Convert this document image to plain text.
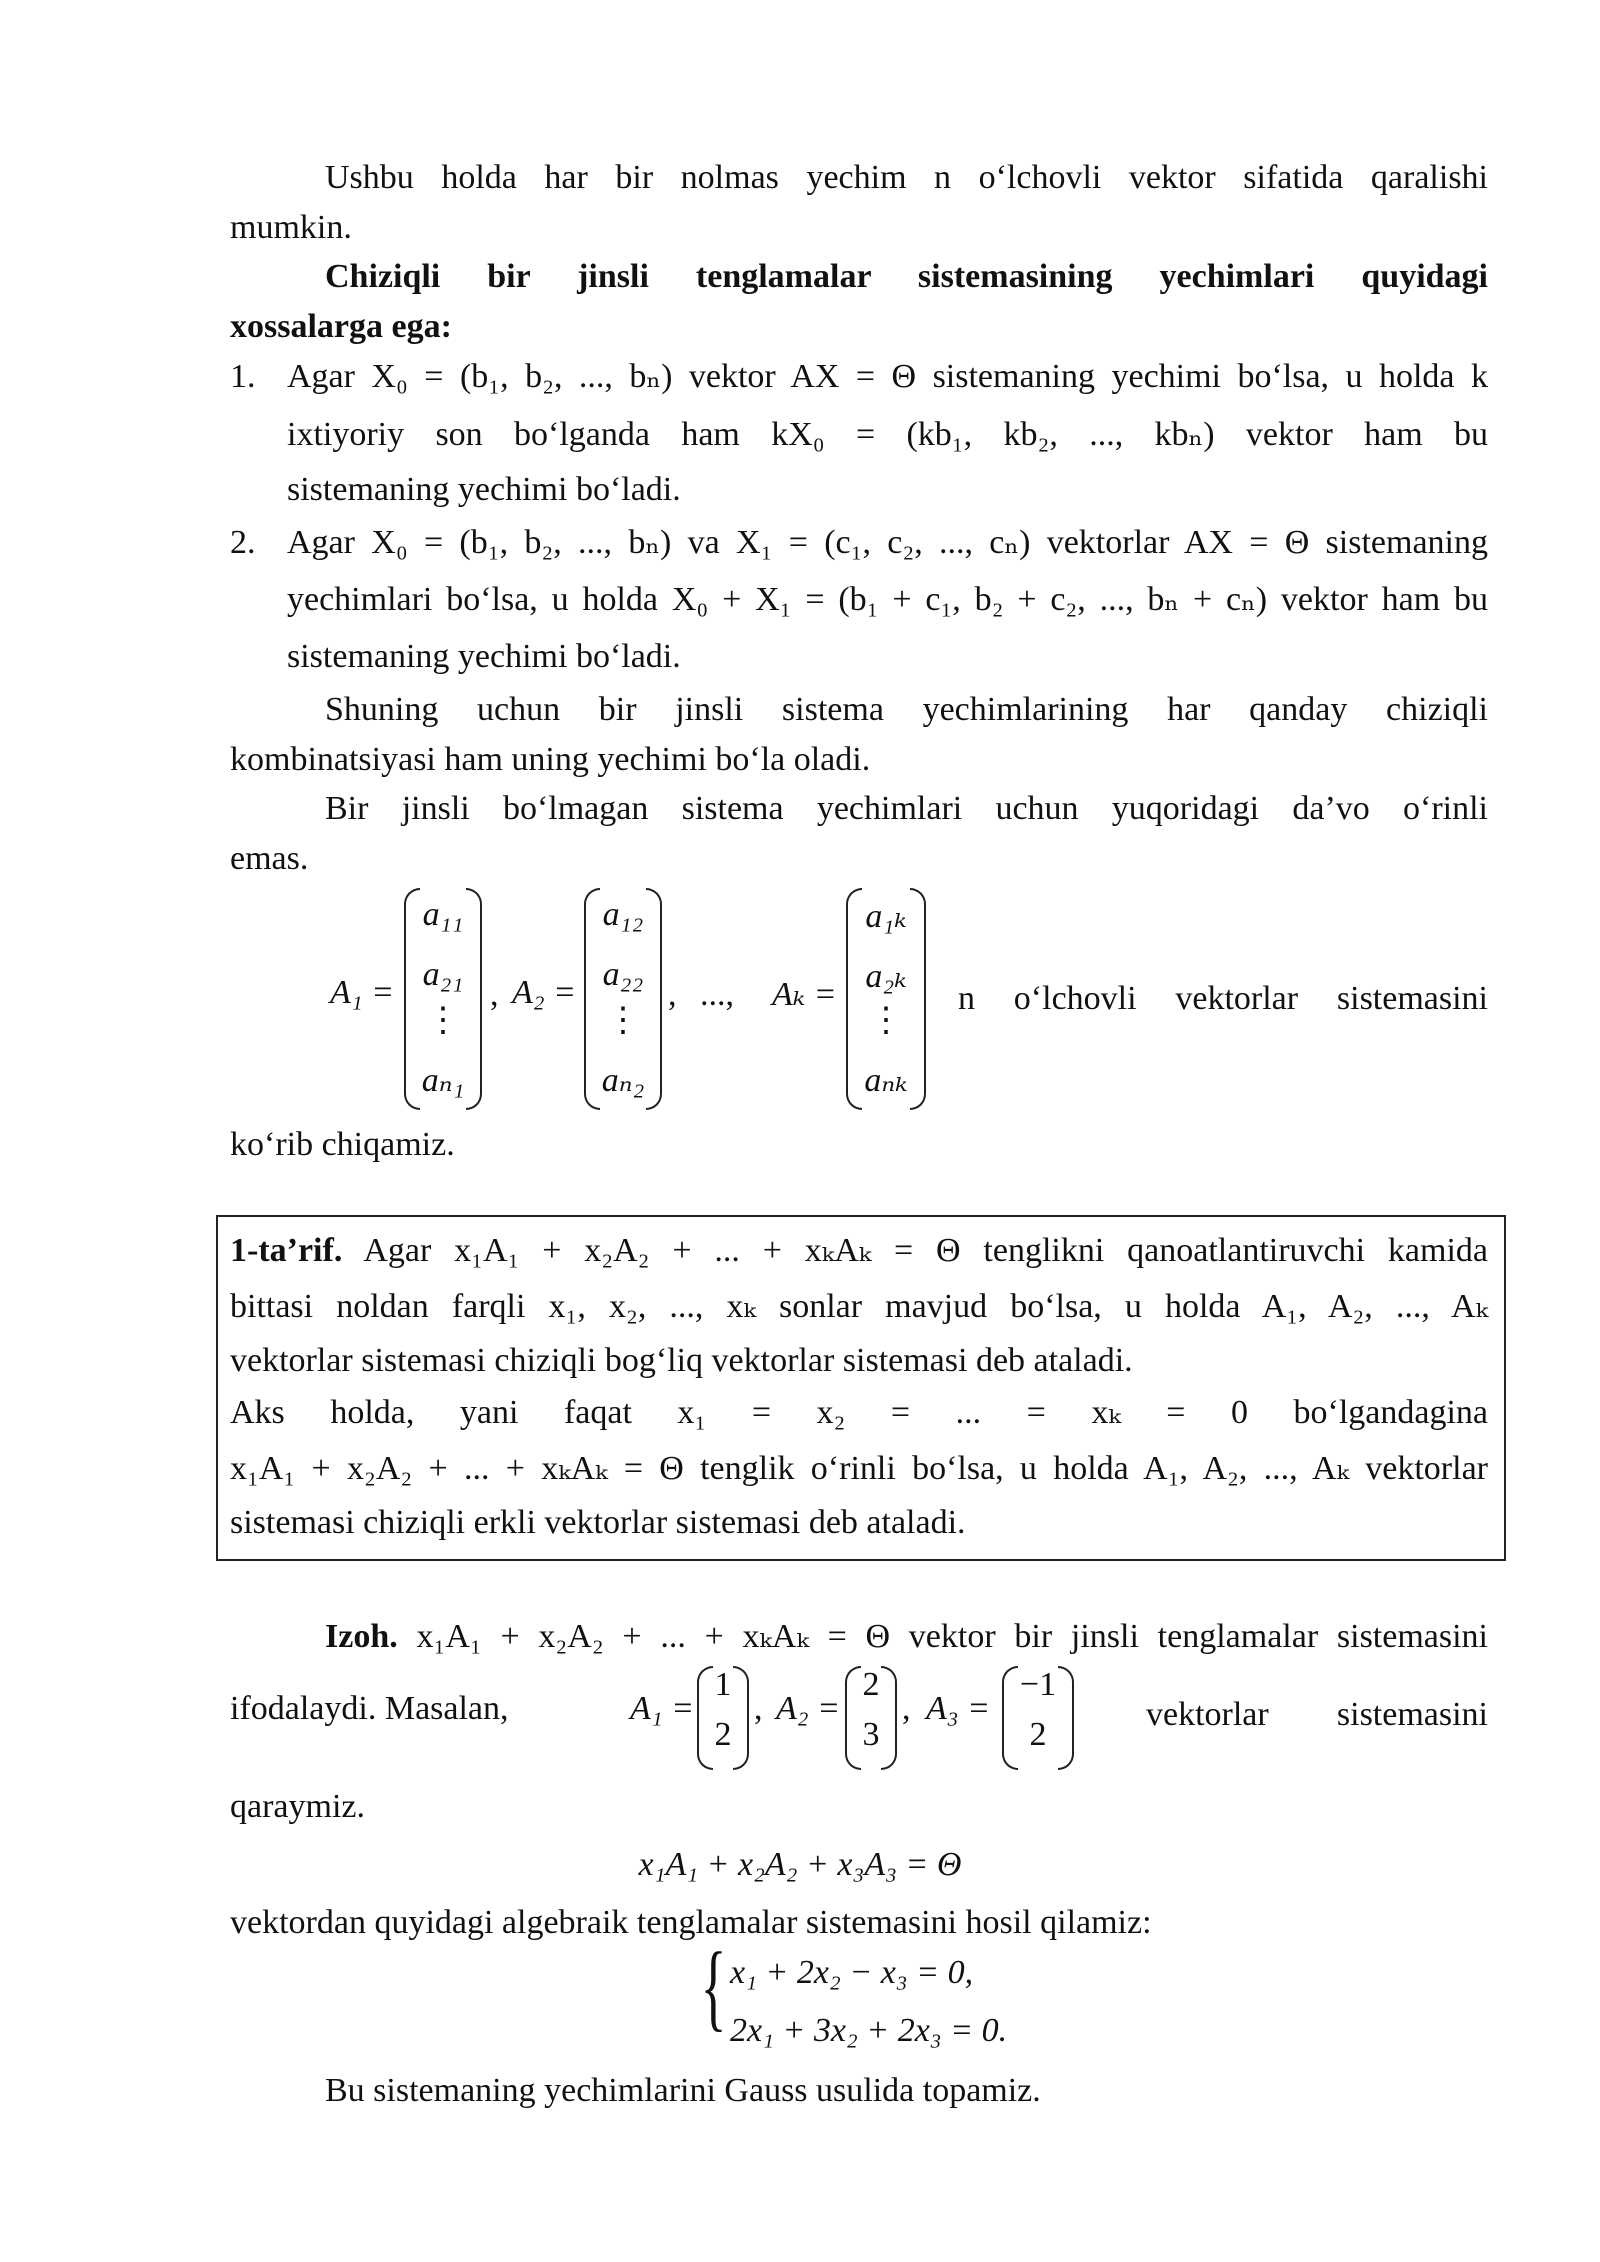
Ushbu holda har bir nolmas yechim n o‘lchovli vektor sifatida qaralishi
mumkin.
Chiziqli bir jinsli tenglamalar sistemasining yechimlari quyidagi
xossalarga ega:
1. Agar X₀ = (b₁, b₂, ..., bₙ) vektor AX = Θ sistemaning yechimi bo‘lsa, u holda k
ixtiyoriy son bo‘lganda ham kX₀ = (kb₁, kb₂, ..., kbₙ) vektor ham bu
sistemaning yechimi bo‘ladi.
2. Agar X₀ = (b₁, b₂, ..., bₙ) va X₁ = (c₁, c₂, ..., cₙ) vektorlar AX = Θ sistemaning
yechimlari bo‘lsa, u holda X₀ + X₁ = (b₁ + c₁, b₂ + c₂, ..., bₙ + cₙ) vektor ham bu
sistemaning yechimi bo‘ladi.
Shuning uchun bir jinsli sistema yechimlarining har qanday chiziqli
kombinatsiyasi ham uning yechimi bo‘la oladi.
Bir jinsli bo‘lmagan sistema yechimlari uchun yuqoridagi da’vo o‘rinli
emas.
A₁ =
a₁₁
a₂₁
⋮
aₙ₁
, A₂ =
a₁₂
a₂₂
⋮
aₙ₂
, ..., Aₖ =
a₁ₖ
a₂ₖ
⋮
aₙₖ
n o‘lchovli vektorlar sistemasini
ko‘rib chiqamiz.
1-ta’rif. Agar x₁A₁ + x₂A₂ + ... + xₖAₖ = Θ tenglikni qanoatlantiruvchi kamida
bittasi noldan farqli x₁, x₂, ..., xₖ sonlar mavjud bo‘lsa, u holda A₁, A₂, ..., Aₖ
vektorlar sistemasi chiziqli bog‘liq vektorlar sistemasi deb ataladi.
Aks holda, yani faqat x₁ = x₂ = ... = xₖ = 0 bo‘lgandagina
x₁A₁ + x₂A₂ + ... + xₖAₖ = Θ tenglik o‘rinli bo‘lsa, u holda A₁, A₂, ..., Aₖ vektorlar
sistemasi chiziqli erkli vektorlar sistemasi deb ataladi.
Izoh. x₁A₁ + x₂A₂ + ... + xₖAₖ = Θ vektor bir jinsli tenglamalar sistemasini
ifodalaydi. Masalan,	A₁ =
1
2
, A₂ =
2
3
, A₃ =
−1
2
vektorlar sistemasini
qaraymiz.
x₁A₁ + x₂A₂ + x₃A₃ = Θ
vektordan quyidagi algebraik tenglamalar sistemasini hosil qilamiz:
{ x₁ + 2x₂ − x₃ = 0,
2x₁ + 3x₂ + 2x₃ = 0.
Bu sistemaning yechimlarini Gauss usulida topamiz.
